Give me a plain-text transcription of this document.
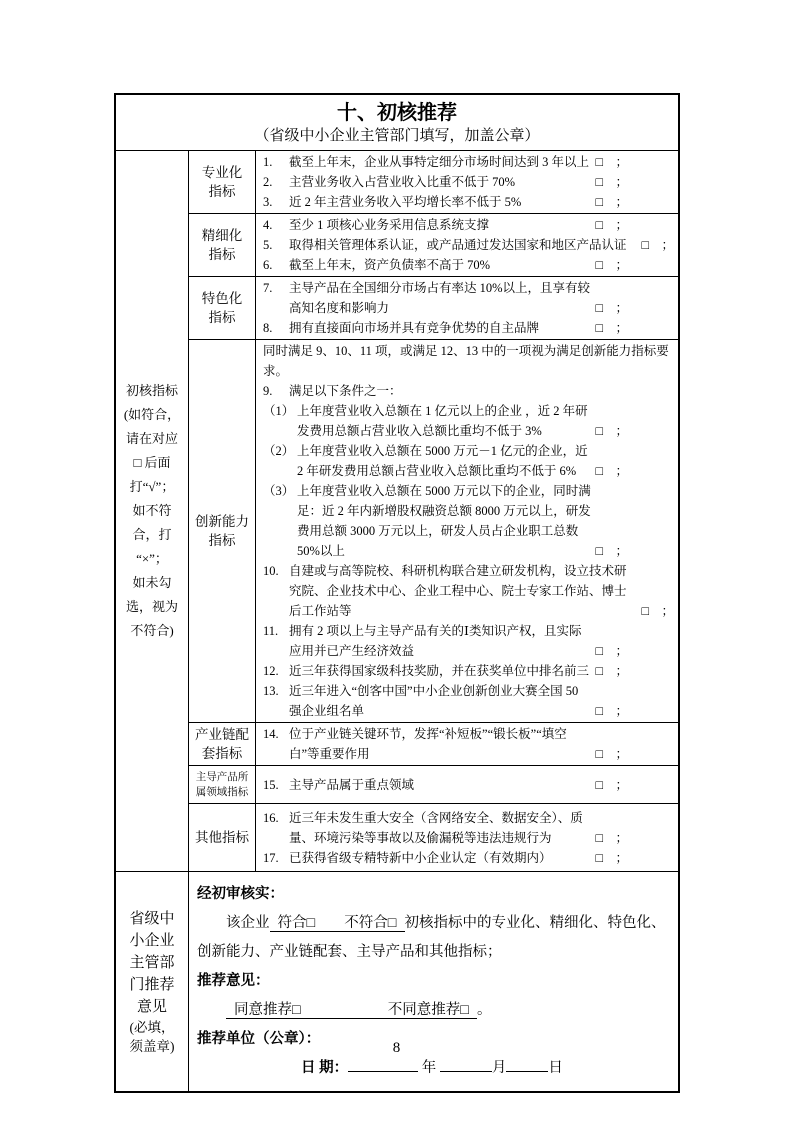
十、初核推荐
（省级中小企业主管部门填写，加盖公章）
初核指标
(如符合，
请在对应
□ 后面
打“√”；
如不符
合，打
“×”；
如未勾
选，视为
不符合)
专业化
指标
1.	截至上年末，企业从事特定细分市场时间达到 3 年以上 □　；
2.	主营业务收入占营业收入比重不低于 70%	□　；
3.	近 2 年主营业务收入平均增长率不低于 5%	□　；
精细化
指标
4.	至少 1 项核心业务采用信息系统支撑	□　；
5.	取得相关管理体系认证，或产品通过发达国家和地区产品认证	□　；
6.	截至上年末，资产负债率不高于 70%	□　；
特色化
指标
7.	主导产品在全国细分市场占有率达 10%以上，且享有较高知名度和影响力	□　；
8.	拥有直接面向市场并具有竞争优势的自主品牌	□　；
创新能力
指标
同时满足 9、10、11 项，或满足 12、13 中的一项视为满足创新能力指标要求。
9.	满足以下条件之一：
（1） 上年度营业收入总额在 1 亿元以上的企业 ，近 2 年研发费用总额占营业收入总额比重均不低于 3%	□　；
（2） 上年度营业收入总额在 5000 万元－1 亿元的企业，近 2 年研发费用总额占营业收入总额比重均不低于 6%	□　；
（3） 上年度营业收入总额在 5000 万元以下的企业，同时满足：近 2 年内新增股权融资总额 8000 万元以上，研发费用总额 3000 万元以上，研发人员占企业职工总数 50%以上	□　；
10. 自建或与高等院校、科研机构联合建立研发机构，设立技术研究院、企业技术中心、企业工程中心、院士专家工作站、博士后工作站等	□　；
11. 拥有 2 项以上与主导产品有关的Ⅰ类知识产权，且实际应用并已产生经济效益	□　；
12. 近三年获得国家级科技奖励，并在获奖单位中排名前三 □　；
13. 近三年进入“创客中国”中小企业创新创业大赛全国 50 强企业组名单	□　；
产业链配
套指标
14. 位于产业链关键环节，发挥“补短板”“锻长板”“填空白”等重要作用	□　；
主导产品所
属领域指标 15. 主导产品属于重点领域	□　；
其他指标
16. 近三年未发生重大安全（含网络安全、数据安全）、质量、环境污染等事故以及偷漏税等违法违规行为	□　；
17. 已获得省级专精特新中小企业认定（有效期内）	□　；
省级中小企业主管部门推荐意见
(必填，
须盖章)
经初审核实：
该企业 符合□　　不符合□ 初核指标中的专业化、精细化、特色化、创新能力、产业链配套、主导产品和其他指标；
推荐意见：
同意推荐□　　　　　　不同意推荐□ 。
推荐单位（公章）：
日 期：	年	月	日
8
